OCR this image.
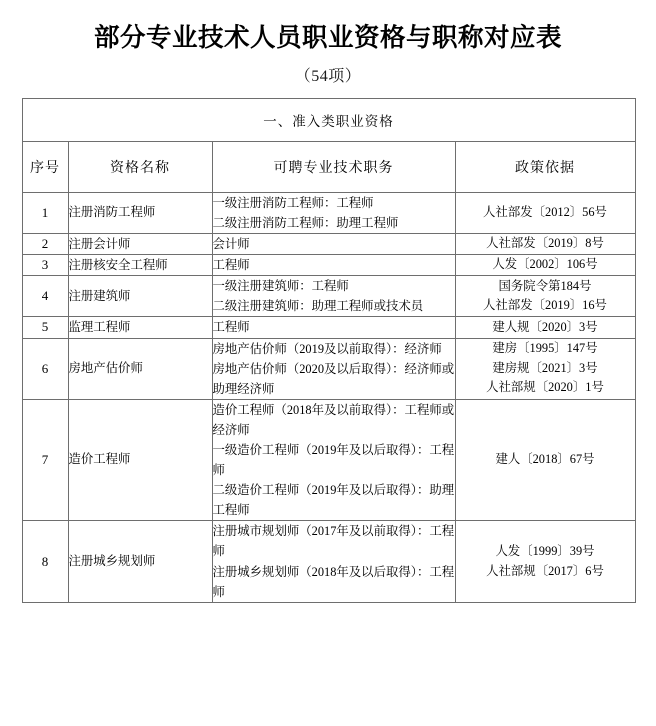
部分专业技术人员职业资格与职称对应表
（54项）
一、准入类职业资格			
序号	资格名称	可聘专业技术职务	政策依据
1	注册消防工程师	一级注册消防工程师：工程师
二级注册消防工程师：助理工程师	人社部发〔2012〕56号

2	注册会计师	会计师	人社部发〔2019〕8号

3	注册核安全工程师	工程师	人发〔2002〕106号

4	注册建筑师	一级注册建筑师：工程师
二级注册建筑师：助理工程师或技术员	国务院令第184号
人社部发〔2019〕16号

5	监理工程师	工程师	建人规〔2020〕3号

6	房地产估价师	房地产估价师（2019及以前取得）：经济师
房地产估价师（2020及以后取得）：经济师或助理经济师	建房〔1995〕147号
建房规〔2021〕3号
人社部规〔2020〕1号

7	造价工程师	造价工程师（2018年及以前取得）：工程师或经济师
一级造价工程师（2019年及以后取得）：工程师
二级造价工程师（2019年及以后取得）：助理工程师	建人〔2018〕67号

8	注册城乡规划师	注册城市规划师（2017年及以前取得）：工程师
注册城乡规划师（2018年及以后取得）：工程师	人发〔1999〕39号
人社部规〔2017〕6号
